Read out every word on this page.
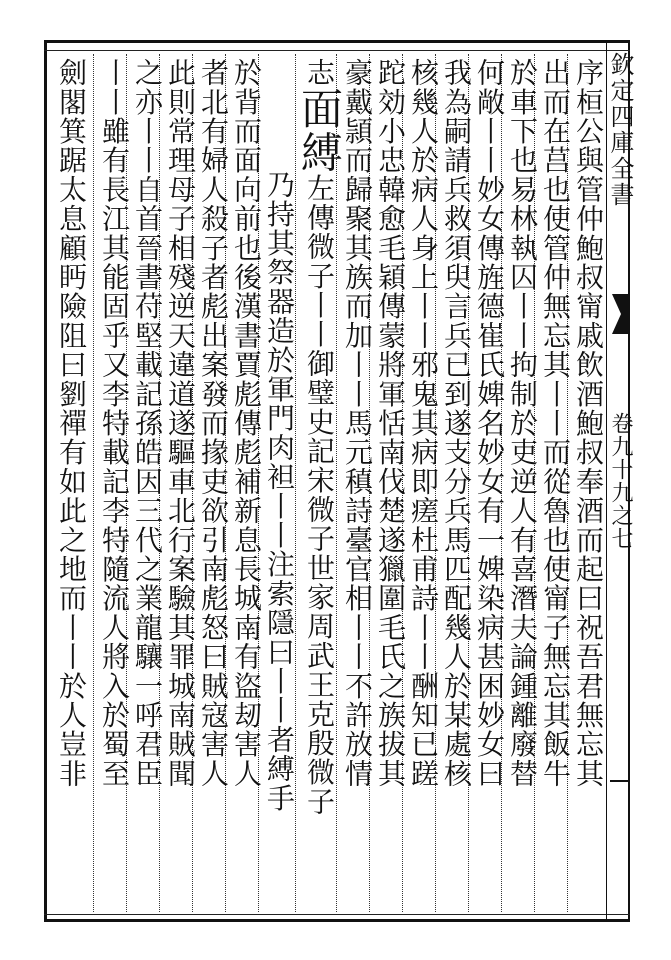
欽定四庫全書
卷九十九之七
序桓公與管仲鮑叔甯戚飲酒鮑叔奉酒而起曰祝吾君無忘其
出而在莒也使管仲無忘其丨丨而從魯也使甯子無忘其飯牛
於車下也易林執囚丨丨拘制於吏逆人有喜潛夫論鍾離廢替
何敞丨丨妙女傳旌德崔氏婢名妙女有一婢染病甚困妙女曰
我為嗣請兵救須臾言兵已到遂支分兵馬匹配幾人於某處核
核幾人於病人身上丨丨邪鬼其病即瘥杜甫詩丨丨酬知已蹉
跎効小忠韓愈毛穎傳蒙將軍恬南伐楚遂獵圍毛氏之族拔其
豪戴頴而歸聚其族而加丨丨馬元稹詩臺官相丨丨不許放情
志面縛左傳微子丨丨御璧史記宋微子世家周武王克殷微子
乃持其祭器造於軍門肉袒丨丨注索隱曰丨丨者縛手
於背而面向前也後漢書賈彪傳彪補新息長城南有盜刼害人
者北有婦人殺子者彪出案發而掾吏欲引南彪怒曰賊寇害人
此則常理母子相殘逆天違道遂驅車北行案驗其罪城南賊聞
之亦丨丨自首晉書苻堅載記孫皓因三代之業龍驤一呼君臣
丨丨雖有長江其能固乎又李特載記李特隨流人將入於蜀至
劍閣箕踞太息顧眄險阻曰劉禪有如此之地而丨丨於人豈非
